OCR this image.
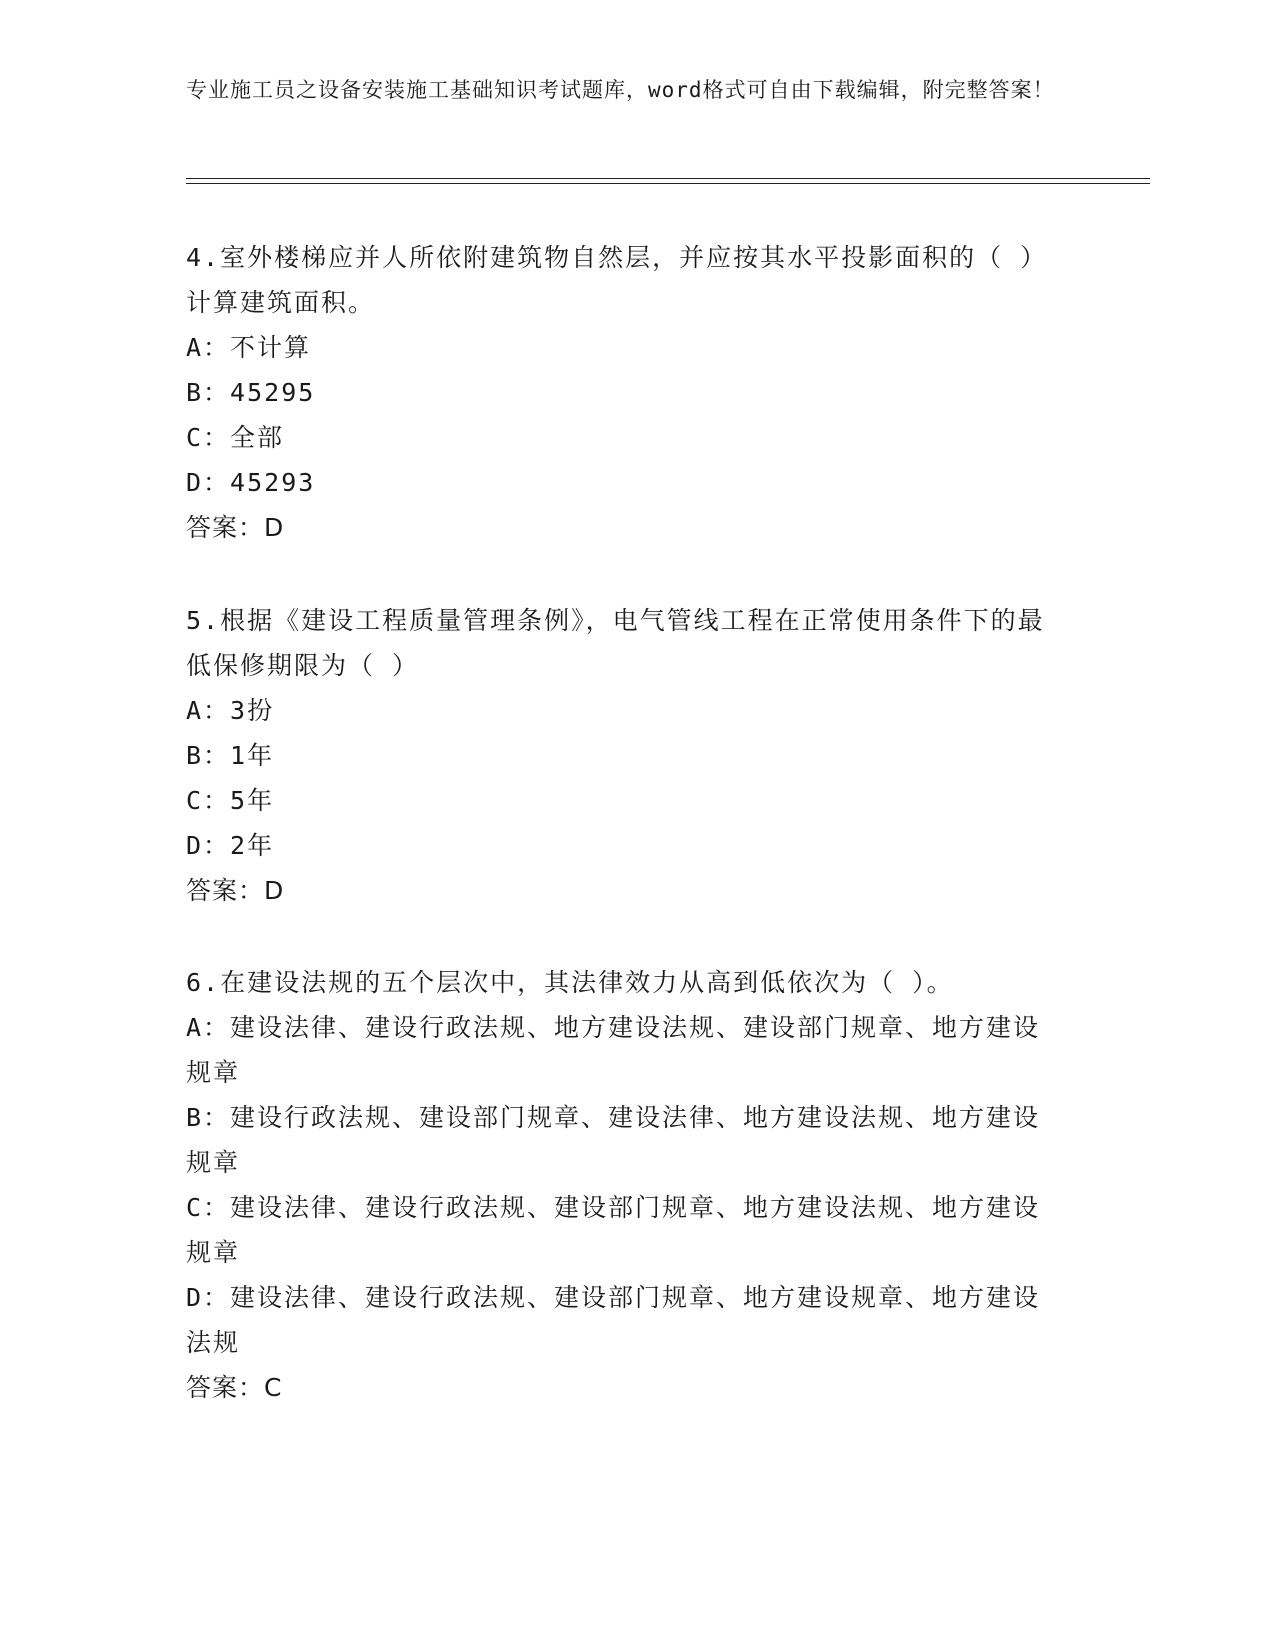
专业施工员之设备安装施工基础知识考试题库，word格式可自由下载编辑，附完整答案！
4.室外楼梯应并人所依附建筑物自然层，并应按其水平投影面积的（ ）计算建筑面积。
A：不计算
B：45295
C：全部
D：45293
答案：D
5.根据《建设工程质量管理条例》，电气管线工程在正常使用条件下的最低保修期限为（ ）
A：3扮
B：1年
C：5年
D：2年
答案：D
6.在建设法规的五个层次中，其法律效力从高到低依次为（ ）。
A：建设法律、建设行政法规、地方建设法规、建设部门规章、地方建设规章
B：建设行政法规、建设部门规章、建设法律、地方建设法规、地方建设规章
C：建设法律、建设行政法规、建设部门规章、地方建设法规、地方建设规章
D：建设法律、建设行政法规、建设部门规章、地方建设规章、地方建设法规
答案：C
